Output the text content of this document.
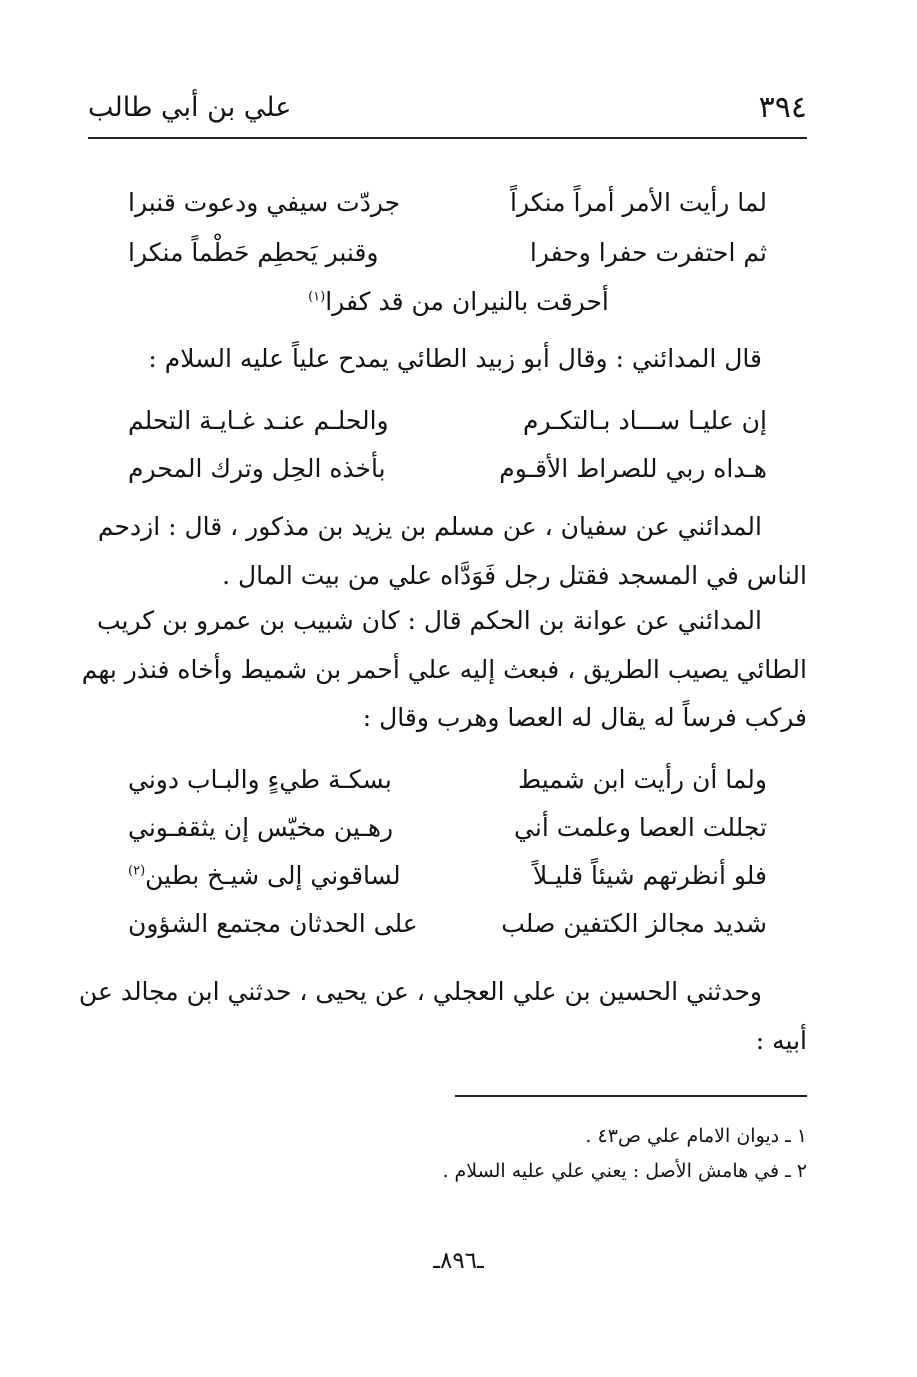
٣٩٤
علي بن أبي طالب
لما رأيت الأمر أمراً منكراً
جردّت سيفي ودعوت قنبرا
ثم احتفرت حفرا وحفرا
وقنبر يَحطِم حَطْماً منكرا
أحرقت بالنيران من قد كفرا$^{(١)}$
قال المدائني : وقال أبو زبيد الطائي يمدح علياً عليه السلام :
إن عليـا ســـاد بـالتكـرم
والحلـم عنـد غـايـة التحلم
هـداه ربي للصراط الأقـوم
بأخذه الحِل وترك المحرم
المدائني عن سفيان ، عن مسلم بن يزيد بن مذكور ، قال : ازدحم
الناس في المسجد فقتل رجل فَوَدَّاه علي من بيت المال .
المدائني عن عوانة بن الحكم قال : كان شبيب بن عمرو بن كريب
الطائي يصيب الطريق ، فبعث إليه علي أحمر بن شميط وأخاه فنذر بهم
فركب فرساً له يقال له العصا وهرب وقال :
ولما أن رأيت ابن شميط
بسكـة طيءٍ والبـاب دوني
تجللت العصا وعلمت أني
رهـين مخيّس إن يثقفـوني
فلو أنظرتهم شيئاً قليـلاً
لساقوني إلى شيـخ بطين$^{(٢)}$
شديد مجالز الكتفين صلب
على الحدثان مجتمع الشؤون
وحدثني الحسين بن علي العجلي ، عن يحيى ، حدثني ابن مجالد عن
أبيه :
١ ـ ديوان الامام علي ص٤٣ .
٢ ـ في هامش الأصل : يعني علي عليه السلام .
ـ٨٩٦ـ
